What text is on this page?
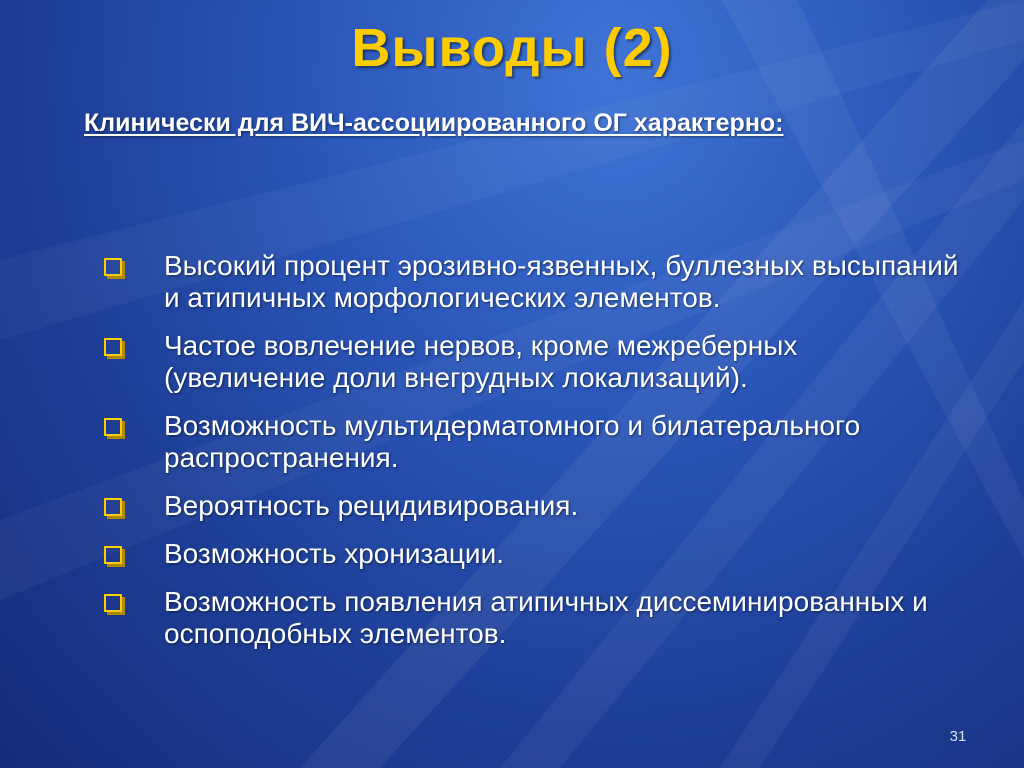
Выводы (2)
Клинически для ВИЧ-ассоциированного ОГ характерно:
Высокий процент эрозивно-язвенных, буллезных высыпаний и атипичных морфологических элементов.
Частое вовлечение нервов, кроме межреберных (увеличение доли внегрудных локализаций).
Возможность мультидерматомного и билатерального распространения.
Вероятность рецидивирования.
Возможность хронизации.
Возможность появления атипичных диссеминированных и оспоподобных элементов.
31
